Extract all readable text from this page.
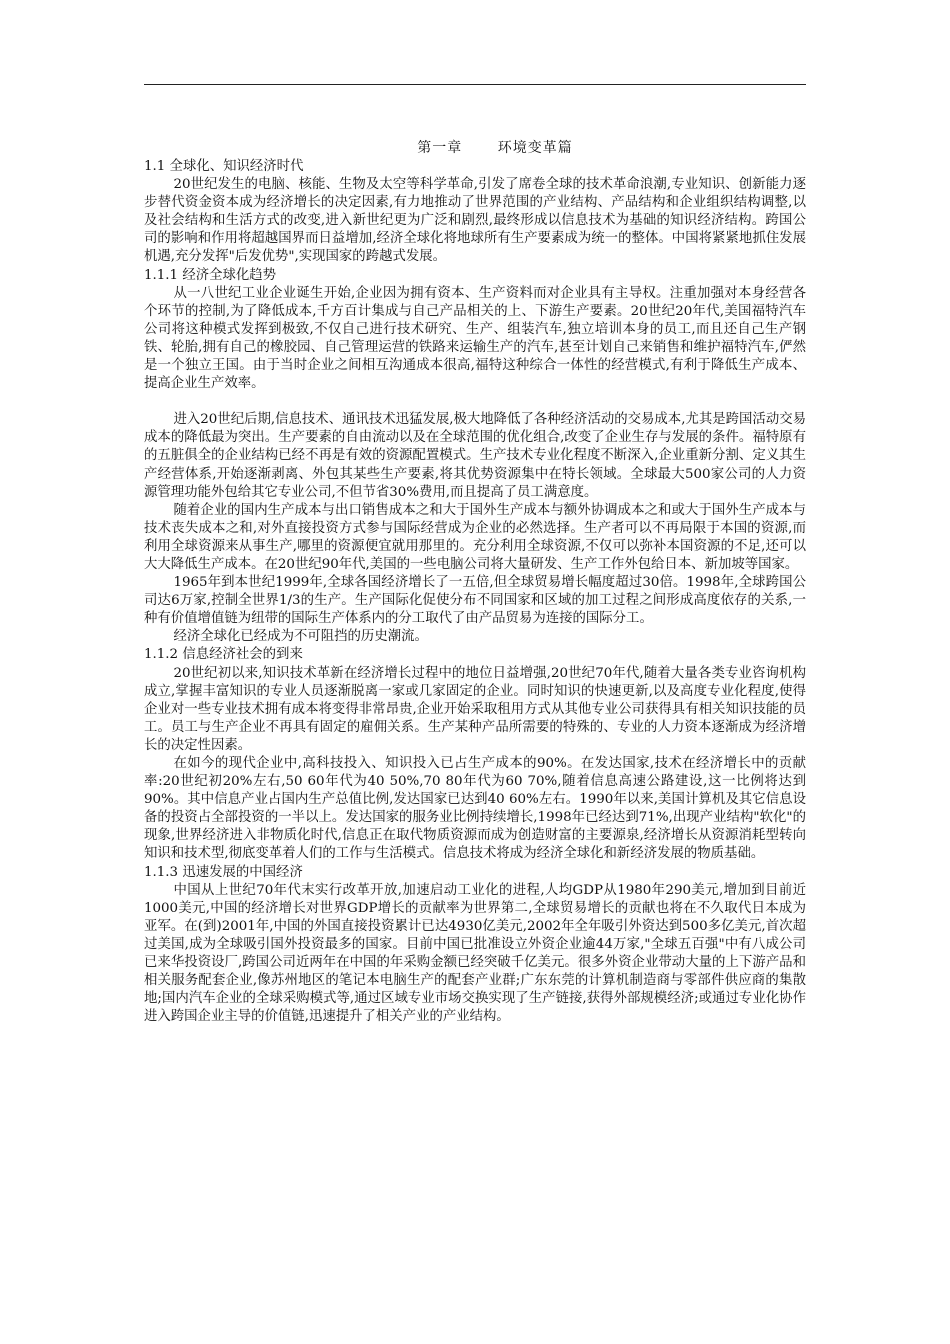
第一章 环境变革篇

1.1 全球化、知识经济时代

20世纪发生的电脑、核能、生物及太空等科学革命,引发了席卷全球的技术革命浪潮,专业知识、创新能力逐步替代资金资本成为经济增长的决定因素,有力地推动了世界范围的产业结构、产品结构和企业组织结构调整,以及社会结构和生活方式的改变,进入新世纪更为广泛和剧烈,最终形成以信息技术为基础的知识经济结构。跨国公司的影响和作用将超越国界而日益增加,经济全球化将地球所有生产要素成为统一的整体。中国将紧紧地抓住发展机遇,充分发挥"后发优势",实现国家的跨越式发展。

1.1.1 经济全球化趋势

从一八世纪工业企业诞生开始,企业因为拥有资本、生产资料而对企业具有主导权。注重加强对本身经营各个环节的控制,为了降低成本,千方百计集成与自己产品相关的上、下游生产要素。20世纪20年代,美国福特汽车公司将这种模式发挥到极致,不仅自己进行技术研究、生产、组装汽车,独立培训本身的员工,而且还自己生产钢铁、轮胎,拥有自己的橡胶园、自己管理运营的铁路来运输生产的汽车,甚至计划自己来销售和维护福特汽车,俨然是一个独立王国。由于当时企业之间相互沟通成本很高,福特这种综合一体性的经营模式,有利于降低生产成本、提高企业生产效率。

进入20世纪后期,信息技术、通讯技术迅猛发展,极大地降低了各种经济活动的交易成本,尤其是跨国活动交易成本的降低最为突出。生产要素的自由流动以及在全球范围的优化组合,改变了企业生存与发展的条件。福特原有的五脏俱全的企业结构已经不再是有效的资源配置模式。生产技术专业化程度不断深入,企业重新分割、定义其生产经营体系,开始逐渐剥离、外包其某些生产要素,将其优势资源集中在特长领域。全球最大500家公司的人力资源管理功能外包给其它专业公司,不但节省30%费用,而且提高了员工满意度。

随着企业的国内生产成本与出口销售成本之和大于国外生产成本与额外协调成本之和或大于国外生产成本与技术丧失成本之和,对外直接投资方式参与国际经营成为企业的必然选择。生产者可以不再局限于本国的资源,而利用全球资源来从事生产,哪里的资源便宜就用那里的。充分利用全球资源,不仅可以弥补本国资源的不足,还可以大大降低生产成本。在20世纪90年代,美国的一些电脑公司将大量研发、生产工作外包给日本、新加坡等国家。

1965年到本世纪1999年,全球各国经济增长了一五倍,但全球贸易增长幅度超过30倍。1998年,全球跨国公司达6万家,控制全世界1/3的生产。生产国际化促使分布不同国家和区域的加工过程之间形成高度依存的关系,一种有价值增值链为纽带的国际生产体系内的分工取代了由产品贸易为连接的国际分工。

经济全球化已经成为不可阻挡的历史潮流。

1.1.2 信息经济社会的到来

20世纪初以来,知识技术革新在经济增长过程中的地位日益增强,20世纪70年代,随着大量各类专业咨询机构成立,掌握丰富知识的专业人员逐渐脱离一家或几家固定的企业。同时知识的快速更新,以及高度专业化程度,使得企业对一些专业技术拥有成本将变得非常昂贵,企业开始采取租用方式从其他专业公司获得具有相关知识技能的员工。员工与生产企业不再具有固定的雇佣关系。生产某种产品所需要的特殊的、专业的人力资本逐渐成为经济增长的决定性因素。

在如今的现代企业中,高科技投入、知识投入已占生产成本的90%。在发达国家,技术在经济增长中的贡献率:20世纪初20%左右,50 60年代为40 50%,70 80年代为60 70%,随着信息高速公路建设,这一比例将达到90%。其中信息产业占国内生产总值比例,发达国家已达到40 60%左右。1990年以来,美国计算机及其它信息设备的投资占全部投资的一半以上。发达国家的服务业比例持续增长,1998年已经达到71%,出现产业结构"软化"的现象,世界经济进入非物质化时代,信息正在取代物质资源而成为创造财富的主要源泉,经济增长从资源消耗型转向知识和技术型,彻底变革着人们的工作与生活模式。信息技术将成为经济全球化和新经济发展的物质基础。

1.1.3 迅速发展的中国经济

中国从上世纪70年代末实行改革开放,加速启动工业化的进程,人均GDP从1980年290美元,增加到目前近1000美元,中国的经济增长对世界GDP增长的贡献率为世界第二,全球贸易增长的贡献也将在不久取代日本成为亚军。在(到)2001年,中国的外国直接投资累计已达4930亿美元,2002年全年吸引外资达到500多亿美元,首次超过美国,成为全球吸引国外投资最多的国家。目前中国已批准设立外资企业逾44万家,"全球五百强"中有八成公司已来华投资设厂,跨国公司近两年在中国的年采购金额已经突破千亿美元。很多外资企业带动大量的上下游产品和相关服务配套企业,像苏州地区的笔记本电脑生产的配套产业群;广东东莞的计算机制造商与零部件供应商的集散地;国内汽车企业的全球采购模式等,通过区域专业市场交换实现了生产链接,获得外部规模经济;或通过专业化协作进入跨国企业主导的价值链,迅速提升了相关产业的产业结构。
